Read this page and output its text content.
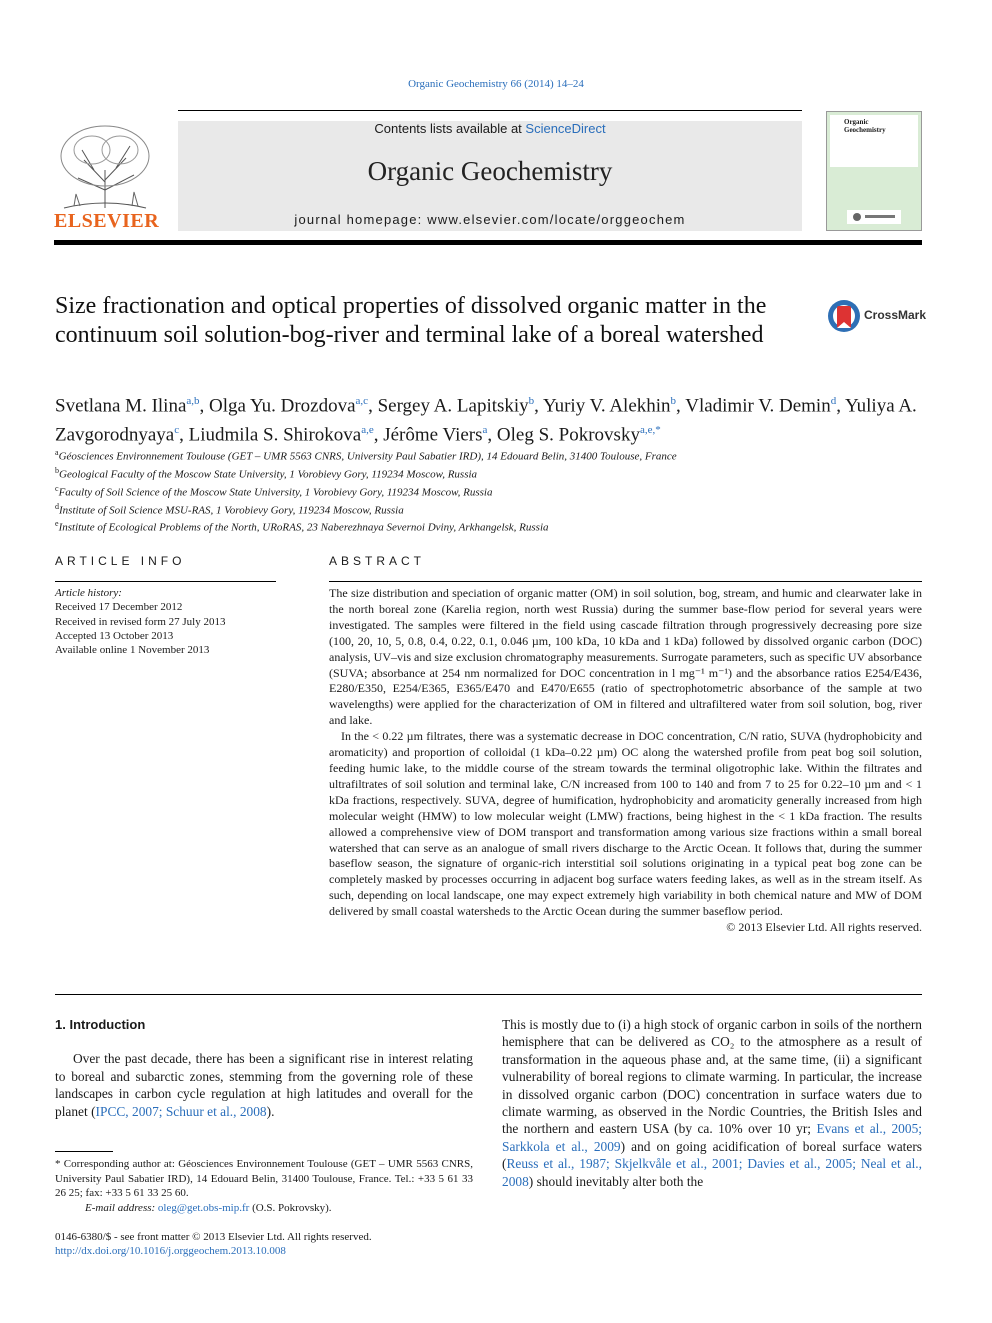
Organic Geochemistry 66 (2014) 14–24
ELSEVIER
Contents lists available at ScienceDirect
Organic Geochemistry
journal homepage: www.elsevier.com/locate/orggeochem
Organic Geochemistry
Size fractionation and optical properties of dissolved organic matter in the continuum soil solution-bog-river and terminal lake of a boreal watershed
CrossMark
Svetlana M. Ilina$^{a,b}$, Olga Yu. Drozdova$^{a,c}$, Sergey A. Lapitskiy$^b$, Yuriy V. Alekhin$^b$, Vladimir V. Demin$^d$, Yuliya A. Zavgorodnyaya$^c$, Liudmila S. Shirokova$^{a,e}$, Jérôme Viers$^a$, Oleg S. Pokrovsky$^{a,e,*}$
$^a$Géosciences Environnement Toulouse (GET – UMR 5563 CNRS, University Paul Sabatier IRD), 14 Edouard Belin, 31400 Toulouse, France
$^b$Geological Faculty of the Moscow State University, 1 Vorobievy Gory, 119234 Moscow, Russia
$^c$Faculty of Soil Science of the Moscow State University, 1 Vorobievy Gory, 119234 Moscow, Russia
$^d$Institute of Soil Science MSU-RAS, 1 Vorobievy Gory, 119234 Moscow, Russia
$^e$Institute of Ecological Problems of the North, URoRAS, 23 Naberezhnaya Severnoi Dviny, Arkhangelsk, Russia
ARTICLE INFO
Article history:
Received 17 December 2012
Received in revised form 27 July 2013
Accepted 13 October 2013
Available online 1 November 2013
ABSTRACT

The size distribution and speciation of organic matter (OM) in soil solution, bog, stream, and humic and clearwater lake in the north boreal zone (Karelia region, north west Russia) during the summer base-flow period for several years were investigated. The samples were filtered in the field using cascade filtration through progressively decreasing pore size (100, 20, 10, 5, 0.8, 0.4, 0.22, 0.1, 0.046 µm, 100 kDa, 10 kDa and 1 kDa) followed by dissolved organic carbon (DOC) analysis, UV–vis and size exclusion chromatography measurements. Surrogate parameters, such as specific UV absorbance (SUVA; absorbance at 254 nm normalized for DOC concentration in l mg⁻¹ m⁻¹) and the absorbance ratios E254/E436, E280/E350, E254/E365, E365/E470 and E470/E655 (ratio of spectrophotometric absorbance of the sample at two wavelengths) were applied for the characterization of OM in filtered and ultrafiltered water from soil solution, bog, river and lake.

In the < 0.22 µm filtrates, there was a systematic decrease in DOC concentration, C/N ratio, SUVA (hydrophobicity and aromaticity) and proportion of colloidal (1 kDa–0.22 µm) OC along the watershed profile from peat bog soil solution, feeding humic lake, to the middle course of the stream towards the terminal oligotrophic lake. Within the filtrates and ultrafiltrates of soil solution and terminal lake, C/N increased from 100 to 140 and from 7 to 25 for 0.22–10 µm and < 1 kDa fractions, respectively. SUVA, degree of humification, hydrophobicity and aromaticity generally increased from high molecular weight (HMW) to low molecular weight (LMW) fractions, being highest in the < 1 kDa fraction. The results allowed a comprehensive view of DOM transport and transformation among various size fractions within a small boreal watershed that can serve as an analogue of small rivers discharge to the Arctic Ocean. It follows that, during the summer baseflow season, the signature of organic-rich interstitial soil solutions originating in a typical peat bog zone can be completely masked by processes occurring in adjacent bog surface waters feeding lakes, as well as in the stream itself. As such, depending on local landscape, one may expect extremely high variability in both chemical nature and MW of DOM delivered by small coastal watersheds to the Arctic Ocean during the summer baseflow period.

© 2013 Elsevier Ltd. All rights reserved.

1. Introduction
Over the past decade, there has been a significant rise in interest relating to boreal and subarctic zones, stemming from the governing role of these landscapes in carbon cycle regulation at high latitudes and overall for the planet (IPCC, 2007; Schuur et al., 2008).
This is mostly due to (i) a high stock of organic carbon in soils of the northern hemisphere that can be delivered as CO₂ to the atmosphere as a result of transformation in the aqueous phase and, at the same time, (ii) a significant vulnerability of boreal regions to climate warming. In particular, the increase in dissolved organic carbon (DOC) concentration in surface waters due to climate warming, as observed in the Nordic Countries, the British Isles and the northern and eastern USA (by ca. 10% over 10 yr; Evans et al., 2005; Sarkkola et al., 2009) and on going acidification of boreal surface waters (Reuss et al., 1987; Skjelkvåle et al., 2001; Davies et al., 2005; Neal et al., 2008) should inevitably alter both the
* Corresponding author at: Géosciences Environnement Toulouse (GET – UMR 5563 CNRS, University Paul Sabatier IRD), 14 Edouard Belin, 31400 Toulouse, France. Tel.: +33 5 61 33 26 25; fax: +33 5 61 33 25 60.
E-mail address: oleg@get.obs-mip.fr (O.S. Pokrovsky).
0146-6380/$ - see front matter © 2013 Elsevier Ltd. All rights reserved.
http://dx.doi.org/10.1016/j.orggeochem.2013.10.008
